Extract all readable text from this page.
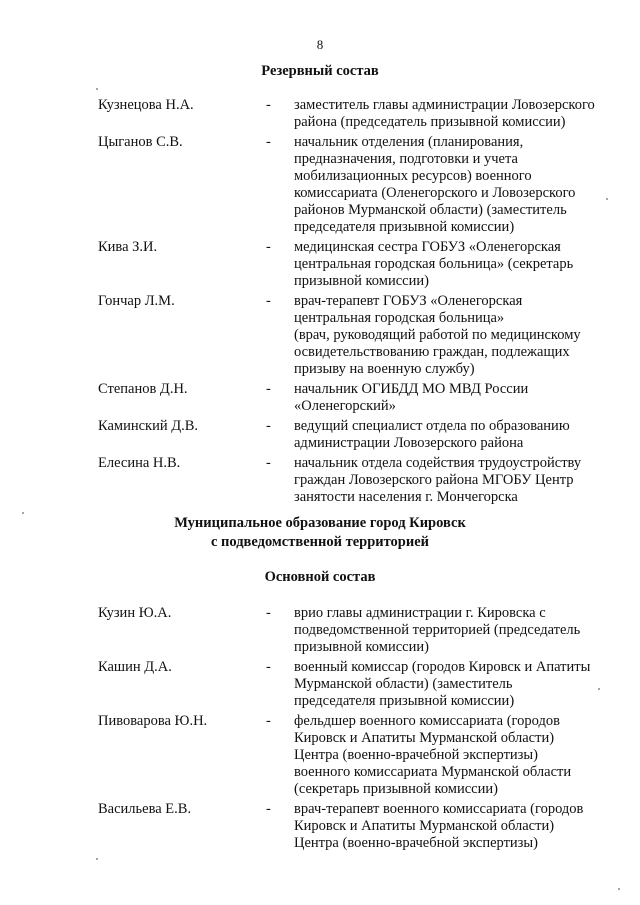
8
Резервный состав
Кузнецова Н.А.	- заместитель главы администрации Ловозерского
района (председатель призывной комиссии)
Цыганов С.В.	- начальник отделения (планирования,
предназначения, подготовки и учета
мобилизационных ресурсов) военного
комиссариата (Оленегорского и Ловозерского
районов Мурманской области) (заместитель
председателя призывной комиссии)
Кива З.И.	- медицинская сестра ГОБУЗ «Оленегорская
центральная городская больница» (секретарь
призывной комиссии)
Гончар Л.М.	- врач-терапевт ГОБУЗ «Оленегорская
центральная городская больница»
(врач, руководящий работой по медицинскому
освидетельствованию граждан, подлежащих
призыву на военную службу)
Степанов Д.Н.	- начальник ОГИБДД МО МВД России
«Оленегорский»
Каминский Д.В.	- ведущий специалист отдела по образованию
администрации Ловозерского района
Елесина Н.В.	- начальник отдела содействия трудоустройству
граждан Ловозерского района МГОБУ Центр
занятости населения г. Мончегорска
Муниципальное образование город Кировск
с подведомственной территорией
Основной состав
Кузин Ю.А.	- врио главы администрации г. Кировска с
подведомственной территорией (председатель
призывной комиссии)
Кашин Д.А.	- военный комиссар (городов Кировск и Апатиты
Мурманской области) (заместитель
председателя призывной комиссии)
Пивоварова Ю.Н.	- фельдшер военного комиссариата (городов
Кировск и Апатиты Мурманской области)
Центра (военно-врачебной экспертизы)
военного комиссариата Мурманской области
(секретарь призывной комиссии)
Васильева Е.В.	- врач-терапевт военного комиссариата (городов
Кировск и Апатиты Мурманской области)
Центра (военно-врачебной экспертизы)
